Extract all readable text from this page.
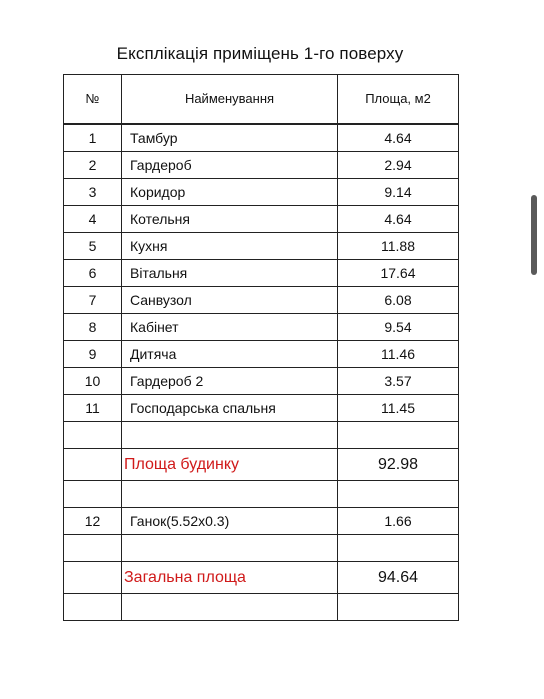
Експлікація приміщень 1-го поверху
№	Найменування	Площа, м2
1	Тамбур	4.64
2	Гардероб	2.94
3	Коридор	9.14
4	Котельня	4.64
5	Кухня	11.88
6	Вітальня	17.64
7	Санвузол	6.08
8	Кабінет	9.54
9	Дитяча	11.46
10	Гардероб 2	3.57
11	Господарська спальня	11.45

	Площа будинку	92.98

12	Ганок(5.52x0.3)	1.66

	Загальна площа	94.64
